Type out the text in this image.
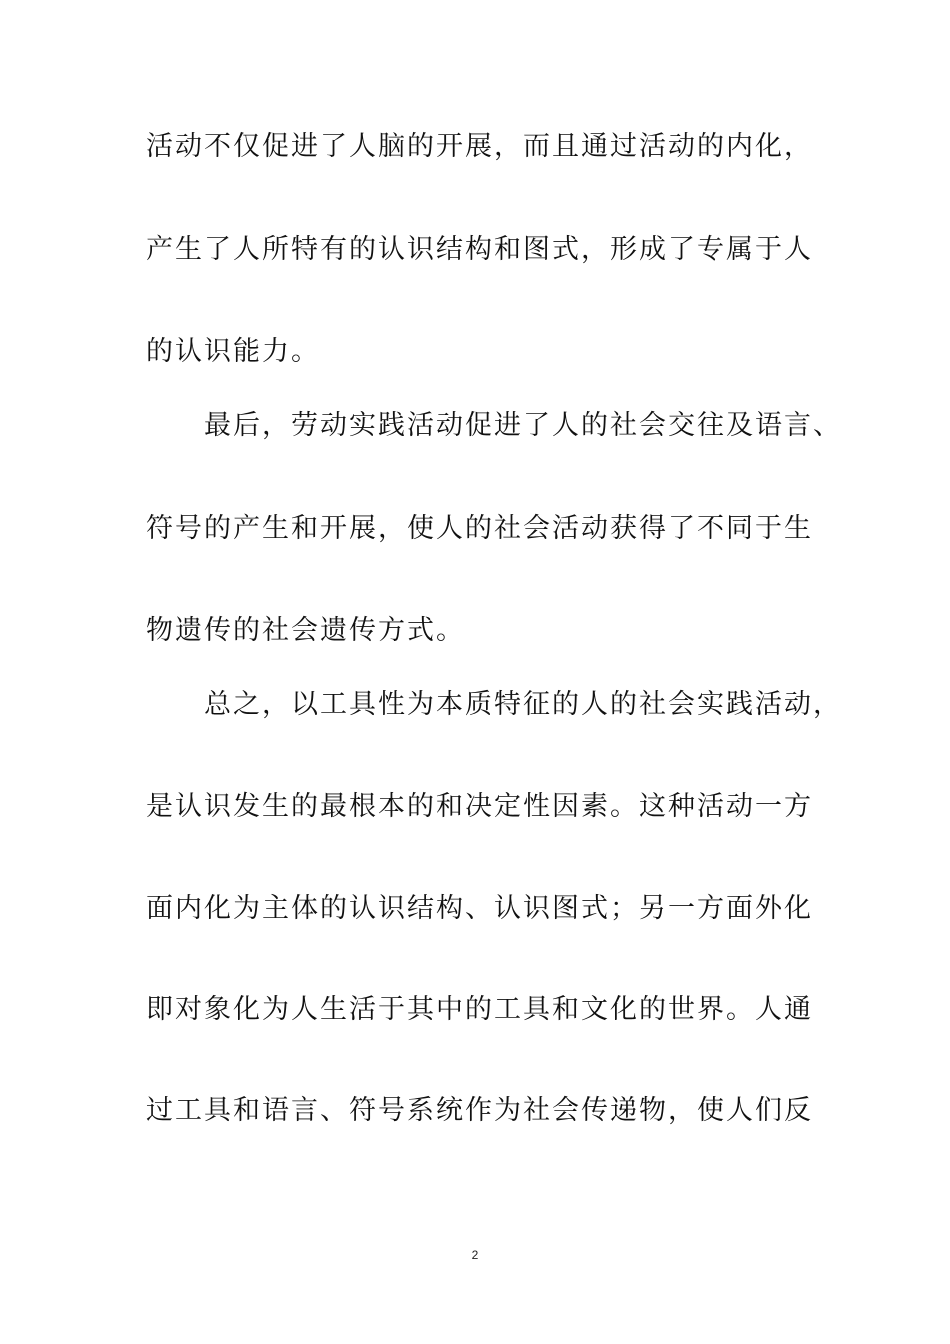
活动不仅促进了人脑的开展，而且通过活动的内化，
产生了人所特有的认识结构和图式，形成了专属于人
的认识能力。
　　最后，劳动实践活动促进了人的社会交往及语言、
符号的产生和开展，使人的社会活动获得了不同于生
物遗传的社会遗传方式。
　　总之，以工具性为本质特征的人的社会实践活动，
是认识发生的最根本的和决定性因素。这种活动一方
面内化为主体的认识结构、认识图式；另一方面外化
即对象化为人生活于其中的工具和文化的世界。人通
过工具和语言、符号系统作为社会传递物，使人们反
2
